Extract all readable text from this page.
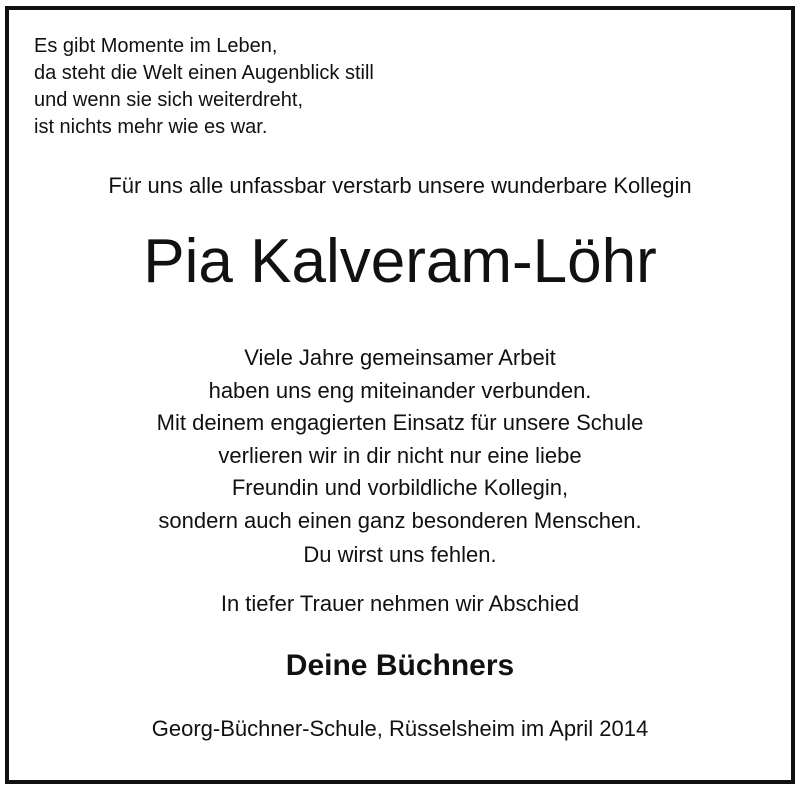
Es gibt Momente im Leben,
da steht die Welt einen Augenblick still
und wenn sie sich weiterdreht,
ist nichts mehr wie es war.
Für uns alle unfassbar verstarb unsere wunderbare Kollegin
Pia Kalveram-Löhr
Viele Jahre gemeinsamer Arbeit
haben uns eng miteinander verbunden.
Mit deinem engagierten Einsatz für unsere Schule
verlieren wir in dir nicht nur eine liebe
Freundin und vorbildliche Kollegin,
sondern auch einen ganz besonderen Menschen.
Du wirst uns fehlen.
In tiefer Trauer nehmen wir Abschied
Deine Büchners
Georg-Büchner-Schule, Rüsselsheim im April 2014
